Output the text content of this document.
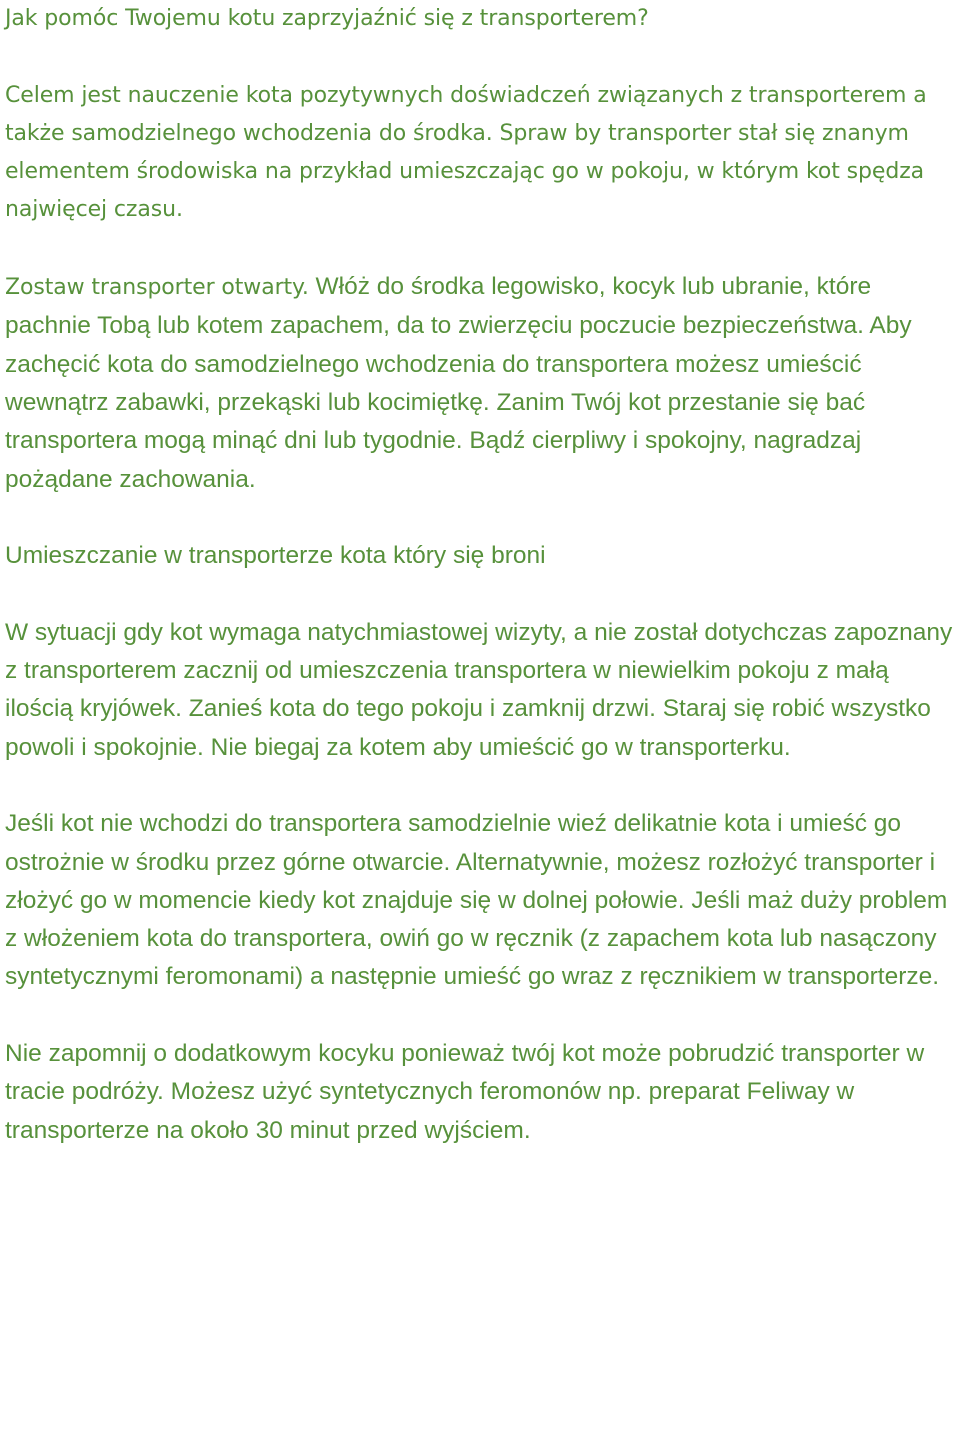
Jak pomóc Twojemu kotu zaprzyjaźnić się z transporterem?

Celem jest nauczenie kota pozytywnych doświadczeń związanych z transporterem a także samodzielnego wchodzenia do środka. Spraw by transporter stał się znanym elementem środowiska na przykład umieszczając go w pokoju, w którym kot spędza najwięcej czasu.

Zostaw transporter otwarty. Włóż do środka legowisko, kocyk lub ubranie, które pachnie Tobą lub kotem zapachem, da to zwierzęciu poczucie bezpieczeństwa. Aby zachęcić kota do samodzielnego wchodzenia do transportera możesz umieścić wewnątrz zabawki, przekąski lub kocimiętkę. Zanim Twój kot przestanie się bać transportera mogą minąć dni lub tygodnie. Bądź cierpliwy i spokojny, nagradzaj pożądane zachowania.

Umieszczanie w transporterze kota który się broni

W sytuacji gdy kot wymaga natychmiastowej wizyty, a nie został dotychczas zapoznany z transporterem zacznij od umieszczenia transportera w niewielkim pokoju z małą ilością kryjówek. Zanieś kota do tego pokoju i zamknij drzwi. Staraj się robić wszystko powoli i spokojnie. Nie biegaj za kotem aby umieścić go w transporterku.

Jeśli kot nie wchodzi do transportera samodzielnie wieź delikatnie kota i umieść go ostrożnie w środku przez górne otwarcie. Alternatywnie, możesz rozłożyć transporter i złożyć go w momencie kiedy kot znajduje się w dolnej połowie. Jeśli maż duży problem z włożeniem kota do transportera, owiń go w ręcznik (z zapachem kota lub nasączony syntetycznymi feromonami) a następnie umieść go wraz z ręcznikiem w transporterze.

Nie zapomnij o dodatkowym kocyku ponieważ twój kot może pobrudzić transporter w tracie podróży. Możesz użyć syntetycznych feromonów np. preparat Feliway w transporterze na około 30 minut przed wyjściem.
